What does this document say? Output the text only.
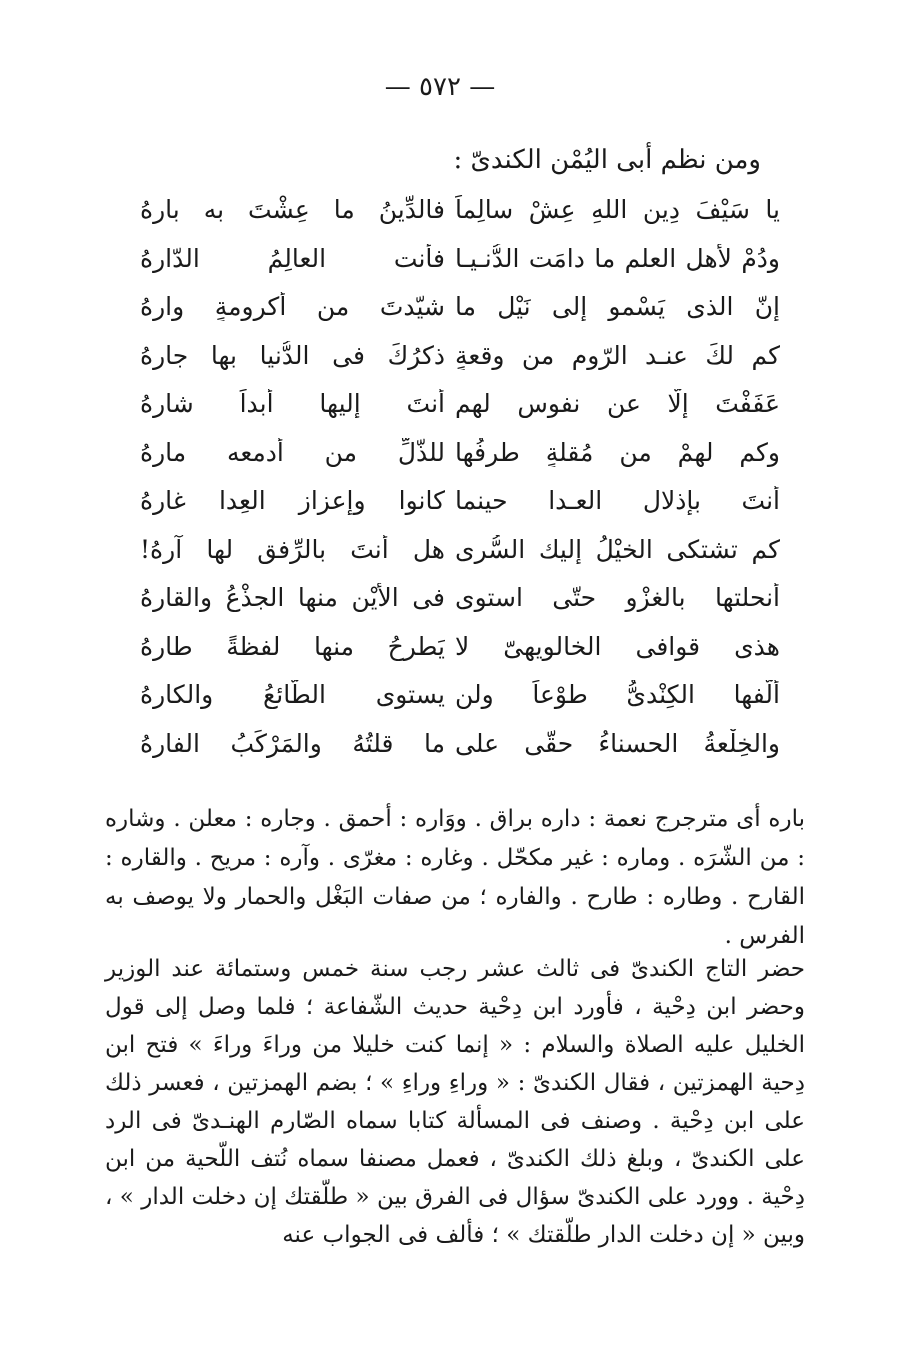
— ٥٧٢ —
ومن نظم أبى اليُمْن الكندىّ :
يا سَيْفَ دِينِ اللهِ عِشْ سالِماً
فالدِّينُ ما عِشْتَ به بارِهُ
ودُمْ لأهلِ العلمِ ما دامَت الدُّنـيـا
فأنت العالِمُ الدّارهُ
إنّ الذى يَسْمو إلى نَيْلِ ما
شيّدتَ من أكرومةٍ وارِهُ
كم لكَ عنـد الرّوم من وقعةٍ
ذكرُكَ فى الدُّنيا بها جارِهُ
عَفَفْتَ إلّا عن نفوسٍ لهم
أنتَ إليها أبداً شارِهُ
وكم لهمْ من مُقلةٍ طرفُها
للذّلِّ من أدمعه مارِهُ
أنتَ بإذلالِ العـدا حينما
كانوا وإعزازِ العِدا غارِهُ
كم تشتكى الخيْلُ إليك السُّرى
هل أنتَ بالرِّفقِ لها آرِهُ!
أنحلتها بالغزْوِ حتّى استوى
فى الأيْنِ منها الجذْعُ والقارِهُ
هذى قوافى الخالويهىّ لا
يَطرحُ منها لفظةً طارِهُ
ألّفها الكِنْدىُّ طوْعاً ولن
يستوى الطّائعُ والكارِهُ
والخِلْعةُ الحسناءُ حقّى على
ما قلتُهُ والمَرْكَبُ الفارِهُ

باره أى مترجرج نعمة : داره براق . ووَاره : أحمق . وجاره : معلن . وشاره : من الشّرَه . وماره : غير مكحّل . وغاره : مغرّى . وآره : مريح . والقاره : القارح . وطاره : طارح . والفاره ؛ من صفات البَغْل والحمار ولا يوصف به الفرس .

حضر التاج الكندىّ فى ثالث عشر رجب سنة خمس وستمائة عند الوزير وحضر ابن دِحْية ، فأورد ابن دِحْية حديث الشّفاعة ؛ فلما وصل إلى قول الخليل عليه الصلاة والسلام : « إنما كنت خليلا من وراءَ وراءَ » فتح ابن دِحية الهمزتين ، فقال الكندىّ : « وراءِ وراءِ » ؛ بضم الهمزتين ، فعسر ذلك على ابن دِحْية . وصنف فى المسألة كتابا سماه الصّارم الهنـدىّ فى الرد على الكندىّ ، وبلغ ذلك الكندىّ ، فعمل مصنفا سماه نُتف اللّحية من ابن دِحْية . وورد على الكندىّ سؤال فى الفرق بين « طلّقتك إن دخلت الدار » ، وبين « إن دخلت الدار طلّقتك » ؛ فألف فى الجواب عنه
